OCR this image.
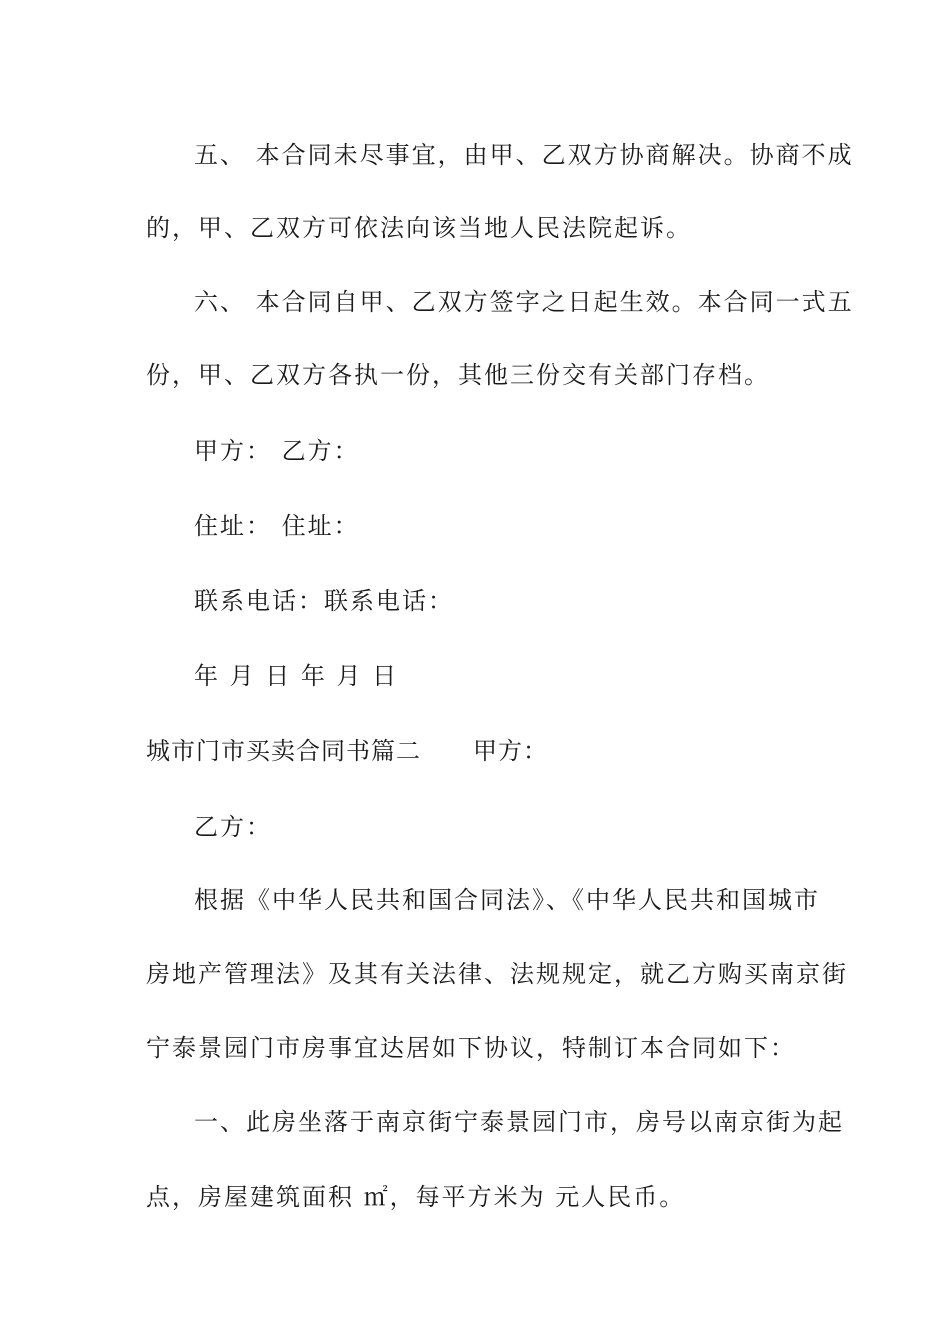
五、 本合同未尽事宜，由甲、乙双方协商解决。协商不成
的，甲、乙双方可依法向该当地人民法院起诉。
六、 本合同自甲、乙双方签字之日起生效。本合同一式五
份，甲、乙双方各执一份，其他三份交有关部门存档。
甲方： 乙方：
住址： 住址：
联系电话：联系电话：
年 月 日 年 月 日
城市门市买卖合同书篇二 甲方：
乙方：
根据《中华人民共和国合同法》、《中华人民共和国城市
房地产管理法》及其有关法律、法规规定，就乙方购买南京街
宁泰景园门市房事宜达居如下协议，特制订本合同如下：
一、此房坐落于南京街宁泰景园门市，房号以南京街为起
点，房屋建筑面积 ㎡，每平方米为 元人民币。
